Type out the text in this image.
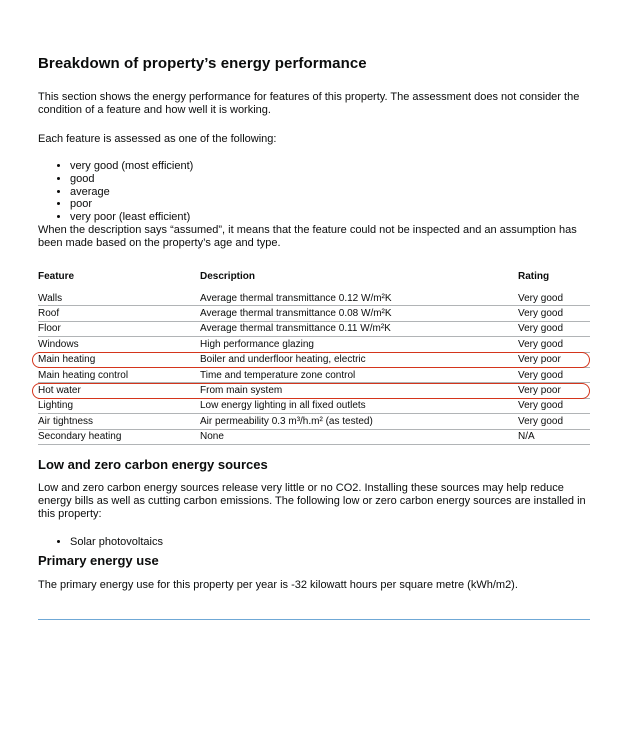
Breakdown of property’s energy performance

This section shows the energy performance for features of this property. The assessment does not consider the condition of a feature and how well it is working.

Each feature is assessed as one of the following:

• very good (most efficient)
• good
• average
• poor
• very poor (least efficient)

When the description says “assumed”, it means that the feature could not be inspected and an assumption has been made based on the property’s age and type.

Feature	Description	Rating
Walls	Average thermal transmittance 0.12 W/m²K	Very good
Roof	Average thermal transmittance 0.08 W/m²K	Very good
Floor	Average thermal transmittance 0.11 W/m²K	Very good
Windows	High performance glazing	Very good
Main heating	Boiler and underfloor heating, electric	Very poor
Main heating control	Time and temperature zone control	Very good
Hot water	From main system	Very poor
Lighting	Low energy lighting in all fixed outlets	Very good
Air tightness	Air permeability 0.3 m³/h.m² (as tested)	Very good
Secondary heating	None	N/A
Low and zero carbon energy sources

Low and zero carbon energy sources release very little or no CO2. Installing these sources may help reduce energy bills as well as cutting carbon emissions. The following low or zero carbon energy sources are installed in this property:

• Solar photovoltaics
Primary energy use

The primary energy use for this property per year is -32 kilowatt hours per square metre (kWh/m2).
